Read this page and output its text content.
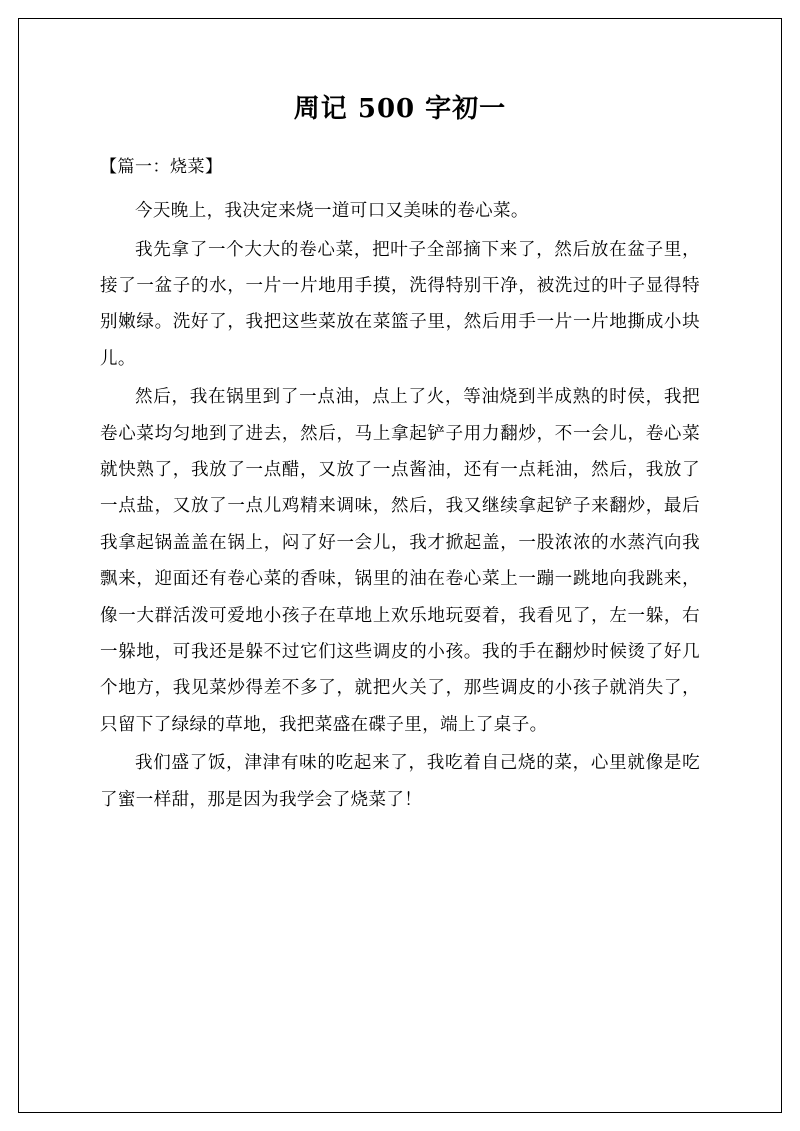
周记 500 字初一
【篇一：烧菜】

今天晚上，我决定来烧一道可口又美味的卷心菜。

我先拿了一个大大的卷心菜，把叶子全部摘下来了，然后放在盆子里，接了一盆子的水，一片一片地用手摸，洗得特别干净，被洗过的叶子显得特别嫩绿。洗好了，我把这些菜放在菜篮子里，然后用手一片一片地撕成小块儿。

然后，我在锅里到了一点油，点上了火，等油烧到半成熟的时侯，我把卷心菜均匀地到了进去，然后，马上拿起铲子用力翻炒，不一会儿，卷心菜就快熟了，我放了一点醋，又放了一点酱油，还有一点耗油，然后，我放了一点盐，又放了一点儿鸡精来调味，然后，我又继续拿起铲子来翻炒，最后我拿起锅盖盖在锅上，闷了好一会儿，我才掀起盖，一股浓浓的水蒸汽向我飘来，迎面还有卷心菜的香味，锅里的油在卷心菜上一蹦一跳地向我跳来，像一大群活泼可爱地小孩子在草地上欢乐地玩耍着，我看见了，左一躲，右一躲地，可我还是躲不过它们这些调皮的小孩。我的手在翻炒时候烫了好几个地方，我见菜炒得差不多了，就把火关了，那些调皮的小孩子就消失了，只留下了绿绿的草地，我把菜盛在碟子里，端上了桌子。

我们盛了饭，津津有味的吃起来了，我吃着自己烧的菜，心里就像是吃了蜜一样甜，那是因为我学会了烧菜了！
